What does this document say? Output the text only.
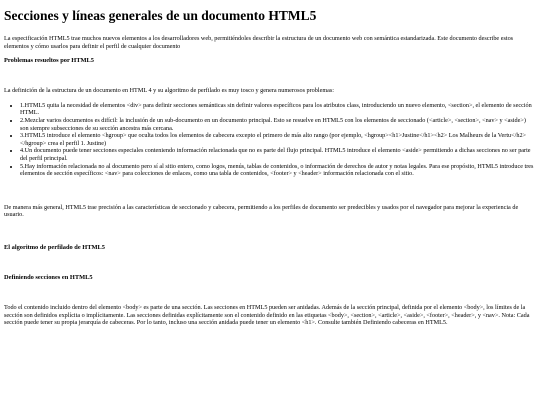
Secciones y líneas generales de un documento HTML5

La especificación HTML5 trae muchos nuevos elementos a los desarrolladores web, permitiéndoles describir la estructura de un documento web con semántica estandarizada. Este documento describe estos elementos y cómo usarlos para definir el perfil de cualquier documento

Problemas resueltos por HTML5

La definición de la estructura de un documento en HTML 4 y su algoritmo de perfilado es muy tosco y genera numerosos problemas:

• 1.HTML5 quita la necesidad de elementos <div> para definir secciones semánticas sin definir valores específicos para los atributos class, introduciendo un nuevo elemento, <section>, el elemento de sección HTML.
• 2.Mezclar varios documentos es difícil: la inclusión de un sub-documento en un documento principal. Esto se resuelve en HTML5 con los elementos de seccionado (<article>, <section>, <nav> y <aside>) son siempre subsecciones de su sección ancestra más cercana.
• 3.HTML5 introduce el elemento <hgroup> que oculta todos los elementos de cabecera excepto el primero de más alto rango (por ejemplo, <hgroup><h1>Justine</h1><h2> Los Malheurs de la Vertu</h2></hgroup> crea el perfil 1. Justine)
• 4.Un documento puede tener secciones especiales conteniendo información relacionada que no es parte del flujo principal. HTML5 introduce el elemento <aside> permitiendo a dichas secciones no ser parte del perfil principal.
• 5.Hay información relacionada no al documento pero sí al sitio entero, como logos, menús, tablas de contenidos, o información de derechos de autor y notas legales. Para ese propósito, HTML5 introduce tres elementos de sección específicos: <nav> para colecciones de enlaces, como una tabla de contenidos, <footer> y <header> información relacionada con el sitio.

De manera más general, HTML5 trae precisión a las características de seccionado y cabecera, permitiendo a los perfiles de documento ser predecibles y usados por el navegador para mejorar la experiencia de usuario.

El algoritmo de perfilado de HTML5
Definiendo secciones en HTML5

Todo el contenido incluido dentro del elemento <body> es parte de una sección. Las secciones en HTML5 pueden ser anidadas. Además de la sección principal, definida por el elemento <body>, los límites de la sección son definidos explícita o implícitamente. Las secciones definidas explícitamente son el contenido definido en las etiquetas <body>, <section>, <article>, <aside>, <footer>, <header>, y <nav>. Nota: Cada sección puede tener su propia jerarquía de cabeceras. Por lo tanto, incluso una sección anidada puede tener un elemento <h1>. Consulte también Definiendo cabeceras en HTML5.
